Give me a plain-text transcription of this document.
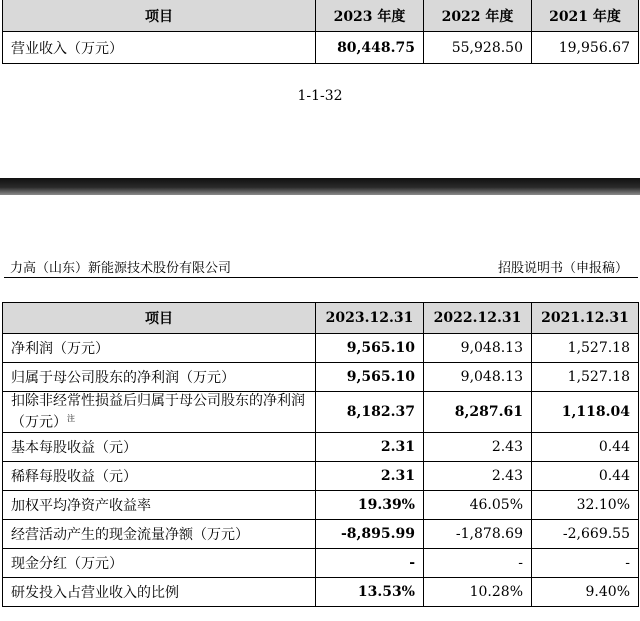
项目	2023 年度	2022 年度	2021 年度
营业收入（万元）	80,448.75	55,928.50	19,956.67
1-1-32
力高（山东）新能源技术股份有限公司	招股说明书（申报稿）
项目	2023.12.31	2022.12.31	2021.12.31
净利润（万元）	9,565.10	9,048.13	1,527.18
归属于母公司股东的净利润（万元）	9,565.10	9,048.13	1,527.18
扣除非经常性损益后归属于母公司股东的净利润（万元）$^注$	8,182.37	8,287.61	1,118.04
基本每股收益（元）	2.31	2.43	0.44
稀释每股收益（元）	2.31	2.43	0.44
加权平均净资产收益率	19.39%	46.05%	32.10%
经营活动产生的现金流量净额（万元）	-8,895.99	-1,878.69	-2,669.55
现金分红（万元）	-	-	-
研发投入占营业收入的比例	13.53%	10.28%	9.40%
